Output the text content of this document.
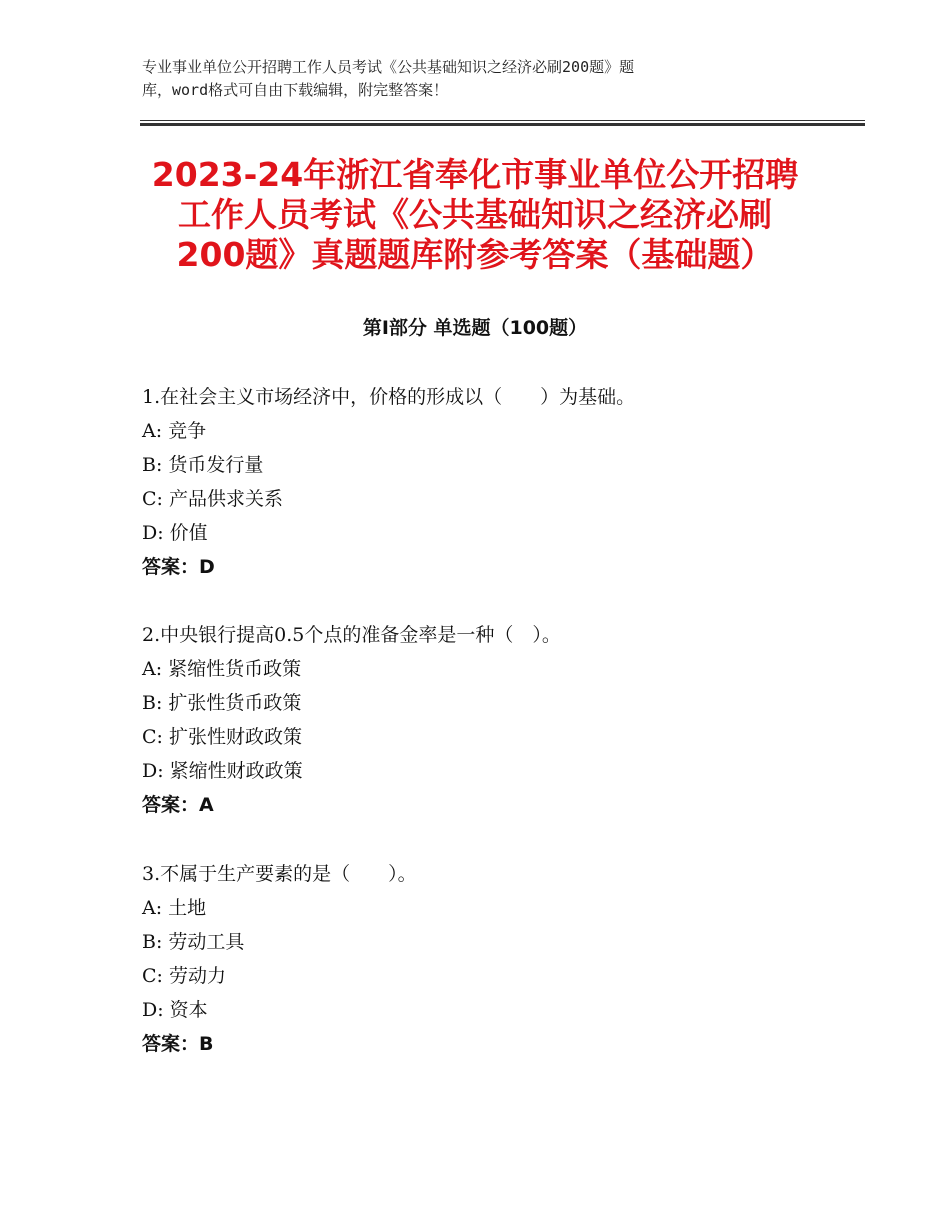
专业事业单位公开招聘工作人员考试《公共基础知识之经济必刷200题》题
库，word格式可自由下载编辑，附完整答案！
2023-24年浙江省奉化市事业单位公开招聘
工作人员考试《公共基础知识之经济必刷
200题》真题题库附参考答案（基础题）
第Ⅰ部分 单选题（100题）
1.在社会主义市场经济中，价格的形成以（　　）为基础。
A: 竞争
B: 货币发行量
C: 产品供求关系
D: 价值
答案：D
2.中央银行提高0.5个点的准备金率是一种（　）。
A: 紧缩性货币政策
B: 扩张性货币政策
C: 扩张性财政政策
D: 紧缩性财政政策
答案：A
3.不属于生产要素的是（　　）。
A: 土地
B: 劳动工具
C: 劳动力
D: 资本
答案：B
